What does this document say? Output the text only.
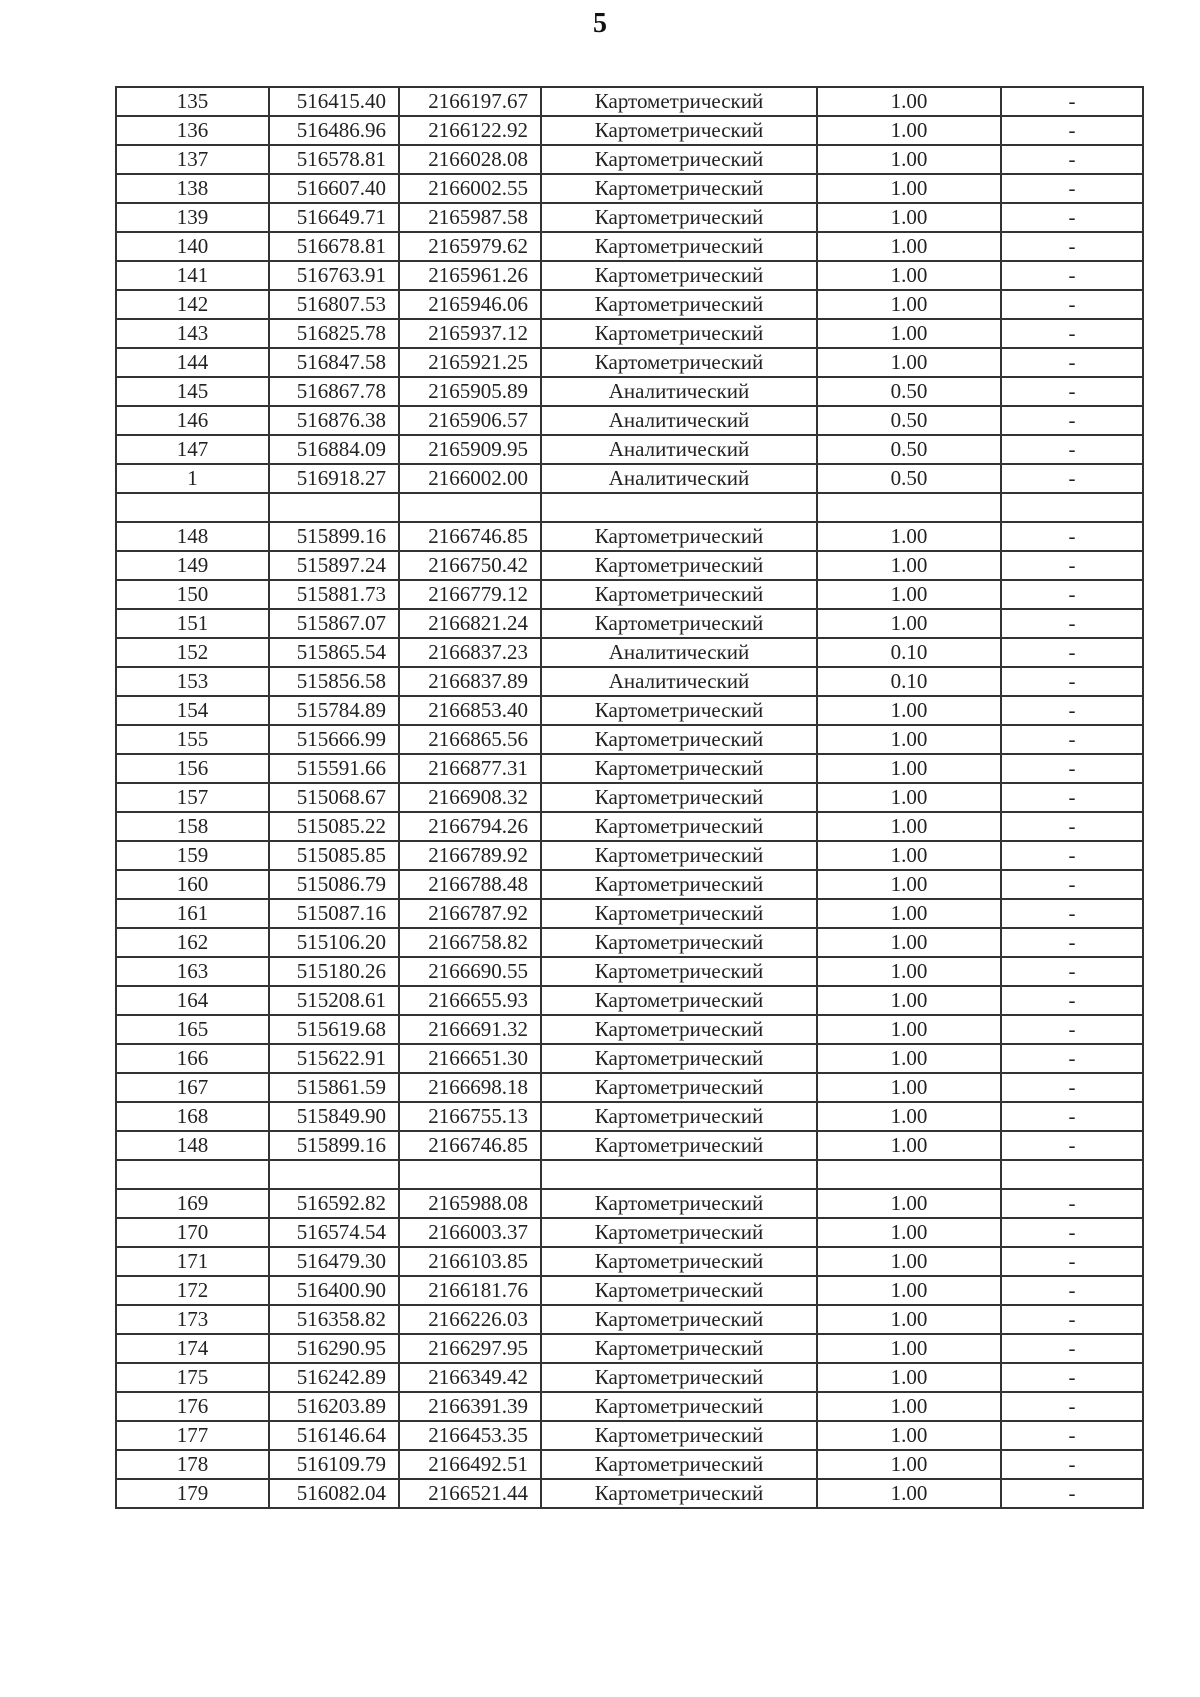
5
135	516415.40	2166197.67	Картометрический	1.00	-
136	516486.96	2166122.92	Картометрический	1.00	-
137	516578.81	2166028.08	Картометрический	1.00	-
138	516607.40	2166002.55	Картометрический	1.00	-
139	516649.71	2165987.58	Картометрический	1.00	-
140	516678.81	2165979.62	Картометрический	1.00	-
141	516763.91	2165961.26	Картометрический	1.00	-
142	516807.53	2165946.06	Картометрический	1.00	-
143	516825.78	2165937.12	Картометрический	1.00	-
144	516847.58	2165921.25	Картометрический	1.00	-
145	516867.78	2165905.89	Аналитический	0.50	-
146	516876.38	2165906.57	Аналитический	0.50	-
147	516884.09	2165909.95	Аналитический	0.50	-
1	516918.27	2166002.00	Аналитический	0.50	-

148	515899.16	2166746.85	Картометрический	1.00	-
149	515897.24	2166750.42	Картометрический	1.00	-
150	515881.73	2166779.12	Картометрический	1.00	-
151	515867.07	2166821.24	Картометрический	1.00	-
152	515865.54	2166837.23	Аналитический	0.10	-
153	515856.58	2166837.89	Аналитический	0.10	-
154	515784.89	2166853.40	Картометрический	1.00	-
155	515666.99	2166865.56	Картометрический	1.00	-
156	515591.66	2166877.31	Картометрический	1.00	-
157	515068.67	2166908.32	Картометрический	1.00	-
158	515085.22	2166794.26	Картометрический	1.00	-
159	515085.85	2166789.92	Картометрический	1.00	-
160	515086.79	2166788.48	Картометрический	1.00	-
161	515087.16	2166787.92	Картометрический	1.00	-
162	515106.20	2166758.82	Картометрический	1.00	-
163	515180.26	2166690.55	Картометрический	1.00	-
164	515208.61	2166655.93	Картометрический	1.00	-
165	515619.68	2166691.32	Картометрический	1.00	-
166	515622.91	2166651.30	Картометрический	1.00	-
167	515861.59	2166698.18	Картометрический	1.00	-
168	515849.90	2166755.13	Картометрический	1.00	-
148	515899.16	2166746.85	Картометрический	1.00	-

169	516592.82	2165988.08	Картометрический	1.00	-
170	516574.54	2166003.37	Картометрический	1.00	-
171	516479.30	2166103.85	Картометрический	1.00	-
172	516400.90	2166181.76	Картометрический	1.00	-
173	516358.82	2166226.03	Картометрический	1.00	-
174	516290.95	2166297.95	Картометрический	1.00	-
175	516242.89	2166349.42	Картометрический	1.00	-
176	516203.89	2166391.39	Картометрический	1.00	-
177	516146.64	2166453.35	Картометрический	1.00	-
178	516109.79	2166492.51	Картометрический	1.00	-
179	516082.04	2166521.44	Картометрический	1.00	-
